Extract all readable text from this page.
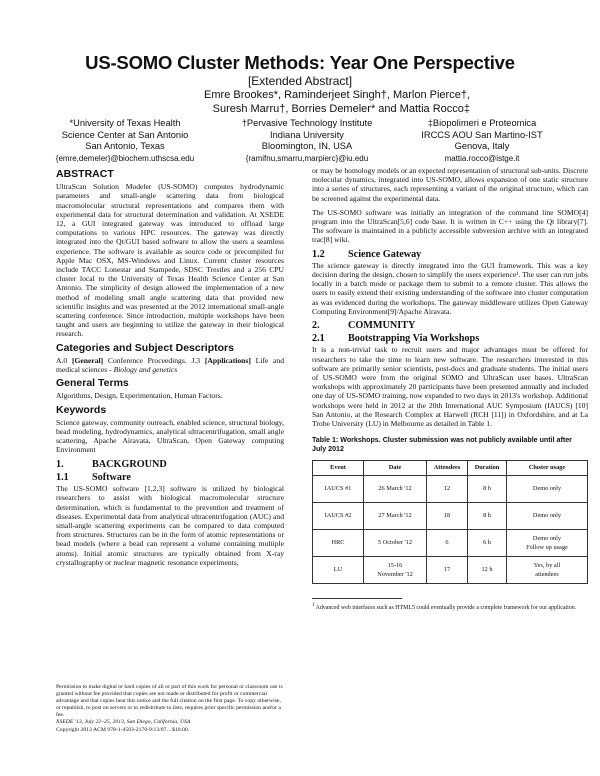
US-SOMO Cluster Methods: Year One Perspective
[Extended Abstract]
Emre Brookes*, Raminderjeet Singh†, Marlon Pierce†,
Suresh Marru†, Borries Demeler* and Mattia Rocco‡
*University of Texas Health
Science Center at San Antonio
San Antonio, Texas
{emre,demeler}@biochem.uthscsa.edu
†Pervasive Technology Institute
Indiana University
Bloomington, IN, USA
{ramifnu,smarru,marpierc}@iu.edu
‡Biopolimeri e Proteomica
IRCCS AOU San Martino-IST
Genova, Italy
mattia.rocco@istge.it
ABSTRACT

UltraScan Solution Modeler (US-SOMO) computes hydrodynamic parameters and small-angle scattering data from biological macromolecular structural representations and compares them with experimental data for structural determination and validation. At XSEDE 12, a GUI integrated gateway was introduced to offload large computations to various HPC resources. The gateway was directly integrated into the Qt/GUI based software to allow the users a seamless experience. The software is available as source code or precompiled for Apple Mac OSX, MS-Windows and Linux. Current cluster resources include TACC Lonestar and Stampede, SDSC Trestles and a 256 CPU cluster local to the University of Texas Health Science Center at San Antonio. The simplicity of design allowed the implementation of a new method of modeling small angle scattering data that provided new scientific insights and was presented at the 2012 international small-angle scattering conference. Since introduction, multiple workshops have been taught and users are beginning to utilize the gateway in their biological research.

Categories and Subject Descriptors

A.0 [General] Conference Proceedings. J.3 [Applications] Life and medical sciences - Biology and genetics

General Terms

Algorithms, Design, Experimentation, Human Factors.

Keywords

Science gateway, community outreach, enabled science, structural biology, bead modeling, hydrodynamics, analytical ultracentrifugation, small angle scattering, Apache Airavata, UltraScan, Open Gateway computing Environment

1.	BACKGROUND
1.1 Software

The US-SOMO software [1,2,3] software is utilized by biological researchers to assist with biological macromolecular structure determination, which is fundamental to the prevention and treatment of diseases. Experimental data from analytical ultracentrifugation (AUC) and small-angle scattering experiments can be compared to data computed from structures. Structures can be in the form of atomic representations or bead models (where a bead can represent a volume containing multiple atoms). Initial atomic structures are typically obtained from X-ray crystallography or nuclear magnetic resonance experiments,

Permission to make digital or hard copies of all or part of this work for personal or classroom use is granted without fee provided that copies are not made or distributed for profit or commercial advantage and that copies bear this notice and the full citation on the first page. To copy otherwise, or republish, to post on servers or to redistribute to lists, requires prior specific permission and/or a fee.
XSEDE '13, July 22–25, 2013, San Diego, California, USA
Copyright 2013 ACM 978-1-4503-2170-9/13/07…$10.00.

or may be homology models or an expected representation of structural sub-units. Discrete molecular dynamics, integrated into US-SOMO, allows expansion of one static structure into a series of structures, each representing a variant of the original structure, which can be screened against the experimental data.

The US-SOMO software was initially an integration of the command line SOMO[4] program into the UltraScan[5,6] code base. It is written in C++ using the Qt library[7]. The software is maintained in a publicly accessible subversion archive with an integrated trac[8] wiki.

1.2 Science Gateway

The science gateway is directly integrated into the GUI framework. This was a key decision during the design, chosen to simplify the users experience¹. The user can run jobs locally in a batch mode or package them to submit to a remote cluster. This allows the users to easily extend their existing understanding of the software into cluster computation as was evidenced during the workshops. The gateway middleware utilizes Open Gateway Computing Environment[9]/Apache Airavata.

2.	COMMUNITY
2.1 Bootstrapping Via Workshops

It is a non-trivial task to recruit users and major advantages must be offered for researchers to take the time to learn new software. The researchers interested in this software are primarily senior scientists, post-docs and graduate students. The initial users of US-SOMO were from the original SOMO and UltraScan user bases. UltraScan workshops with approximately 20 participants have been presented annually and included one day of US-SOMO training, now expanded to two days in 2013's workshop. Additional workshops were held in 2012 at the 20th International AUC Symposium (IAUCS) [10] San Antonio, at the Research Complex at Harwell (RCH [11]) in Oxfordshire, and at La Trobe University (LU) in Melbourne as detailed in Table 1.

Table 1: Workshops. Cluster submission was not publicly available until after July 2012
Event	Date	Attendees	Duration	Cluster usage
IAUCS #1	26 March '12	12	8 h	Demo only
IAUCS #2	27 March '12	18	8 h	Demo only
HRC	5 October '12	6	6 h	Demo only
Follow up usage
LU	15-16
November '12	17	12 h	Yes, by all
attendees
$^1$ Advanced web interfaces such as HTML5 could eventually provide a complete framework for our application.
